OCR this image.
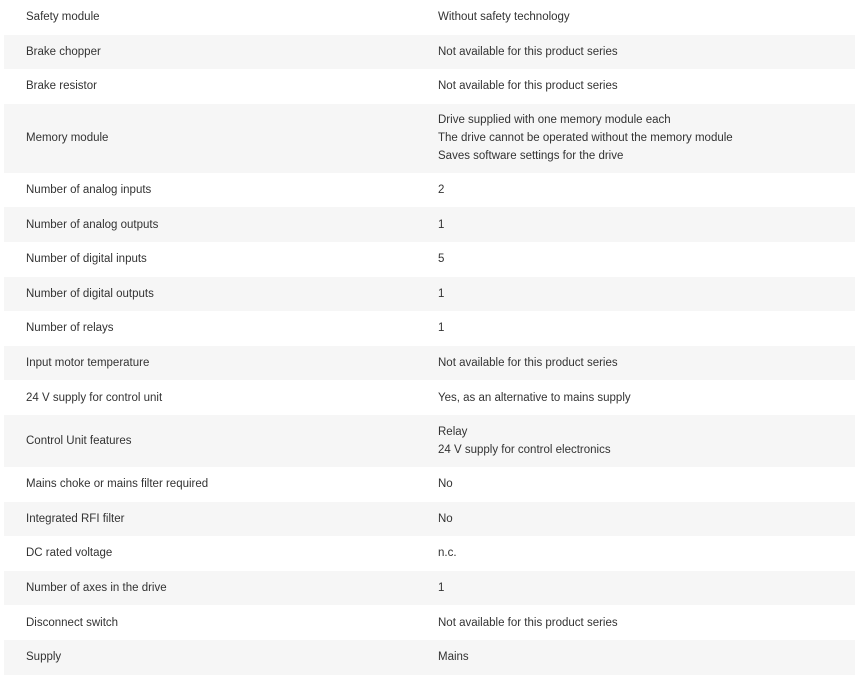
Safety module	Without safety technology

Brake chopper	Not available for this product series

Brake resistor	Not available for this product series

Memory module	Drive supplied with one memory module each
The drive cannot be operated without the memory module
Saves software settings for the drive

Number of analog inputs	2

Number of analog outputs	1

Number of digital inputs	5

Number of digital outputs	1

Number of relays	1

Input motor temperature	Not available for this product series

24 V supply for control unit	Yes, as an alternative to mains supply

Control Unit features	Relay
24 V supply for control electronics

Mains choke or mains filter required	No

Integrated RFI filter	No

DC rated voltage	n.c.

Number of axes in the drive	1

Disconnect switch	Not available for this product series

Supply	Mains
